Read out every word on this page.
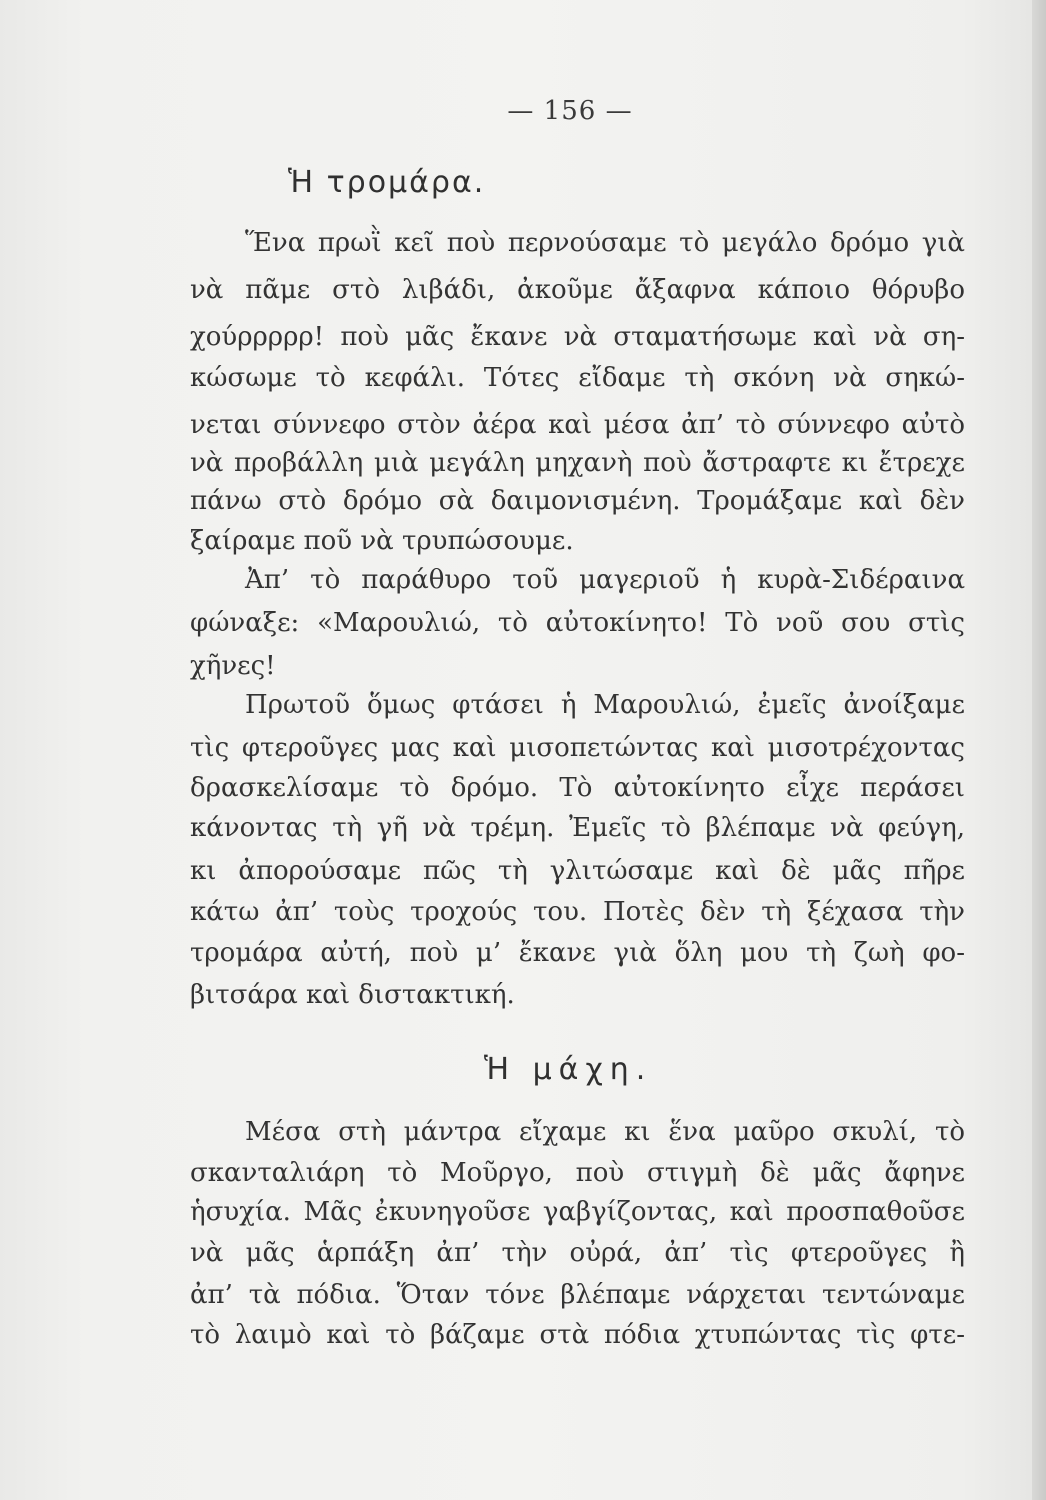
— 156 —
Ἡ τρομάρα.
Ἕνα πρωῒ κεῖ ποὺ περνούσαμε τὸ μεγάλο δρόμο γιὰ
νὰ πᾶμε στὸ λιβάδι, ἀκοῦμε ἄξαφνα κάποιο θόρυβο
χούρρρρρ! ποὺ μᾶς ἔκανε νὰ σταματήσωμε καὶ νὰ ση-
κώσωμε τὸ κεφάλι. Τότες εἴδαμε τὴ σκόνη νὰ σηκώ-
νεται σύννεφο στὸν ἀέρα καὶ μέσα ἀπ’ τὸ σύννεφο αὐτὸ
νὰ προβάλλη μιὰ μεγάλη μηχανὴ ποὺ ἄστραφτε κι ἔτρεχε
πάνω στὸ δρόμο σὰ δαιμονισμένη. Τρομάξαμε καὶ δὲν
ξαίραμε ποῦ νὰ τρυπώσουμε.
Ἀπ’ τὸ παράθυρο τοῦ μαγεριοῦ ἡ κυρὰ-Σιδέραινα
φώναξε: «Μαρουλιώ, τὸ αὐτοκίνητο! Τὸ νοῦ σου στὶς
χῆνες!
Πρωτοῦ ὅμως φτάσει ἡ Μαρουλιώ, ἐμεῖς ἀνοίξαμε
τὶς φτεροῦγες μας καὶ μισοπετώντας καὶ μισοτρέχοντας
δρασκελίσαμε τὸ δρόμο. Τὸ αὐτοκίνητο εἶχε περάσει
κάνοντας τὴ γῆ νὰ τρέμη. Ἐμεῖς τὸ βλέπαμε νὰ φεύγη,
κι ἀπορούσαμε πῶς τὴ γλιτώσαμε καὶ δὲ μᾶς πῆρε
κάτω ἀπ’ τοὺς τροχούς του. Ποτὲς δὲν τὴ ξέχασα τὴν
τρομάρα αὐτή, ποὺ μ’ ἔκανε γιὰ ὅλη μου τὴ ζωὴ φο-
βιτσάρα καὶ διστακτική.
Ἡ μάχη.
Μέσα στὴ μάντρα εἴχαμε κι ἕνα μαῦρο σκυλί, τὸ
σκανταλιάρη τὸ Μοῦργο, ποὺ στιγμὴ δὲ μᾶς ἄφηνε
ἡσυχία. Μᾶς ἐκυνηγοῦσε γαβγίζοντας, καὶ προσπαθοῦσε
νὰ μᾶς ἁρπάξη ἀπ’ τὴν οὐρά, ἀπ’ τὶς φτεροῦγες ἢ
ἀπ’ τὰ πόδια. Ὅταν τόνε βλέπαμε νάρχεται τεντώναμε
τὸ λαιμὸ καὶ τὸ βάζαμε στὰ πόδια χτυπώντας τὶς φτε-
